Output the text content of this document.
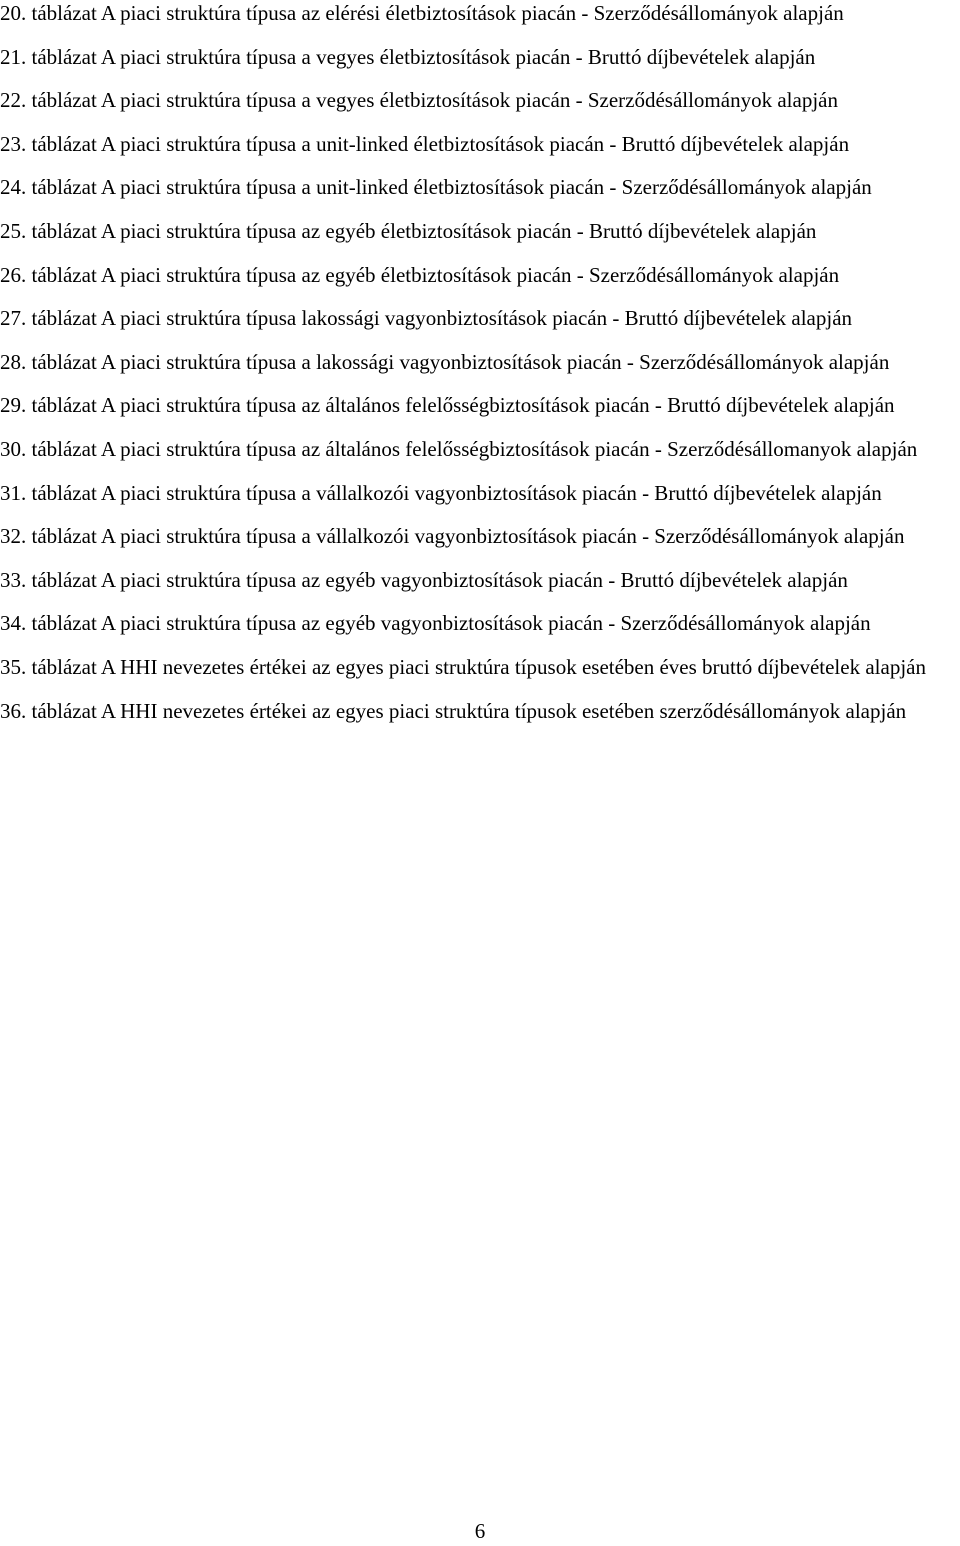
20. táblázat A piaci struktúra típusa az elérési életbiztosítások piacán - Szerződésállományok alapján
21. táblázat A piaci struktúra típusa a vegyes életbiztosítások piacán - Bruttó díjbevételek alapján
22. táblázat A piaci struktúra típusa a vegyes életbiztosítások piacán - Szerződésállományok alapján
23. táblázat A piaci struktúra típusa a unit-linked életbiztosítások piacán - Bruttó díjbevételek alapján
24. táblázat A piaci struktúra típusa a unit-linked életbiztosítások piacán - Szerződésállományok alapján
25. táblázat A piaci struktúra típusa az egyéb életbiztosítások piacán - Bruttó díjbevételek alapján
26. táblázat A piaci struktúra típusa az egyéb életbiztosítások piacán - Szerződésállományok alapján
27. táblázat A piaci struktúra típusa lakossági vagyonbiztosítások piacán - Bruttó díjbevételek alapján
28. táblázat A piaci struktúra típusa a lakossági vagyonbiztosítások piacán - Szerződésállományok alapján
29. táblázat A piaci struktúra típusa az általános felelősségbiztosítások piacán - Bruttó díjbevételek alapján
30. táblázat A piaci struktúra típusa az általános felelősségbiztosítások piacán - Szerződésállomanyok alapján
31. táblázat A piaci struktúra típusa a vállalkozói vagyonbiztosítások piacán - Bruttó díjbevételek alapján
32. táblázat A piaci struktúra típusa a vállalkozói vagyonbiztosítások piacán - Szerződésállományok alapján
33. táblázat A piaci struktúra típusa az egyéb vagyonbiztosítások piacán - Bruttó díjbevételek alapján
34. táblázat A piaci struktúra típusa az egyéb vagyonbiztosítások piacán - Szerződésállományok alapján
35. táblázat A HHI nevezetes értékei az egyes piaci struktúra típusok esetében éves bruttó díjbevételek alapján
36. táblázat A HHI nevezetes értékei az egyes piaci struktúra típusok esetében szerződésállományok alapján
6
